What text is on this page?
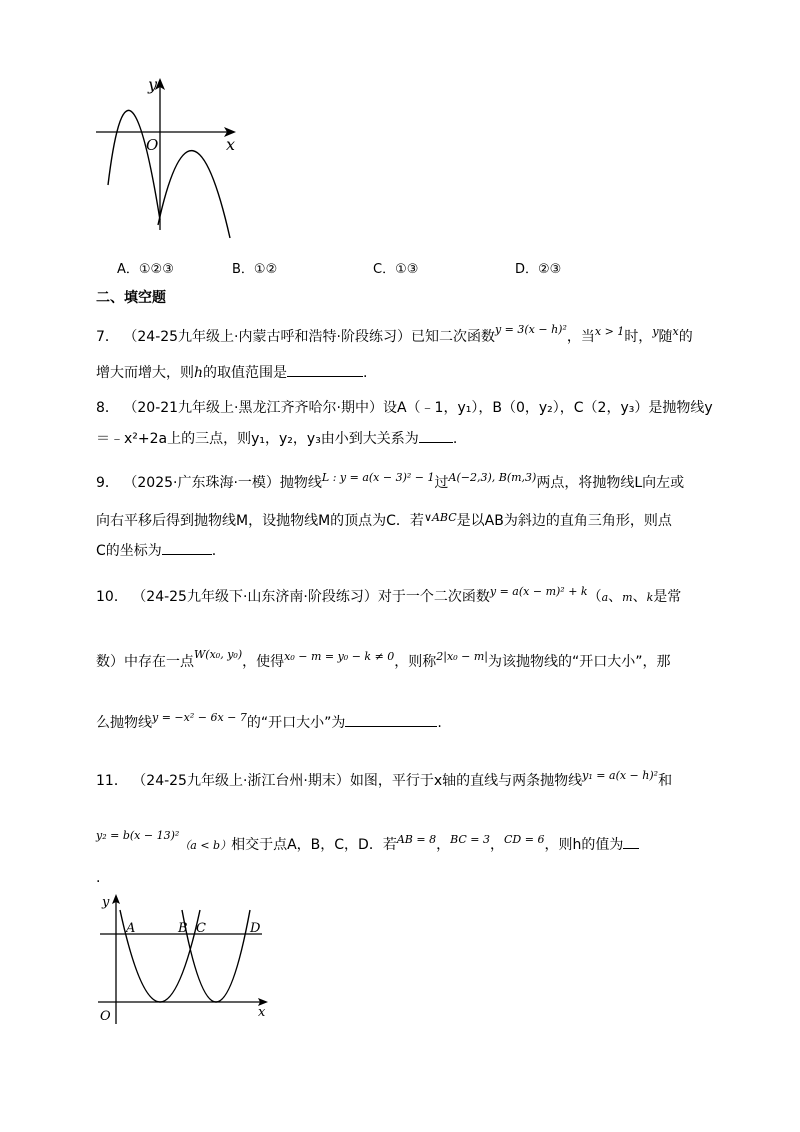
y
O	x
A．①②③	B．①②	C．①③	D．②③
二、填空题
7． （24-25九年级上·内蒙古呼和浩特·阶段练习）已知二次函数$^{y = 3(x - h)^2}$，当$^{x > 1}$时，$^y$随$^x$的
增大而增大，则h的取值范围是	.
8． （20-21九年级上·黑龙江齐齐哈尔·期中）设A（﹣1，y₁），B（0，y₂），C（2，y₃）是抛物线y
＝﹣x²+2a上的三点，则y₁，y₂，y₃由小到大关系为 .
9． （2025·广东珠海·一模）抛物线$^{L : y = a(x - 3)^2 - 1}$过$^{A(-2,3), B(m,3)}$两点，将抛物线L向左或
向右平移后得到抛物线M，设抛物线M的顶点为C．若$^{\vee ABC}$是以AB为斜边的直角三角形，则点
C的坐标为	.
10． （24-25九年级下·山东济南·阶段练习）对于一个二次函数$^{y = a(x - m)^2 + k}$（a、m、k是常
数）中存在一点$^{W(x_0, y_0)}$，使得$^{x_0 - m = y_0 - k \ne 0}$，则称$^{2|x_0 - m|}$为该抛物线的“开口大小”，那
么抛物线$^{y = -x^2 - 6x - 7}$的“开口大小”为	.
11． （24-25九年级上·浙江台州·期末）如图，平行于x轴的直线与两条抛物线$^{y_1 = a(x - h)^2}$和
$^{y_2 = b(x - 13)^2}$（a < b）相交于点A，B，C，D．若$^{AB = 8}$，$^{BC = 3}$，$^{CD = 6}$，则h的值为
.
y
A	B C	D
O	x
